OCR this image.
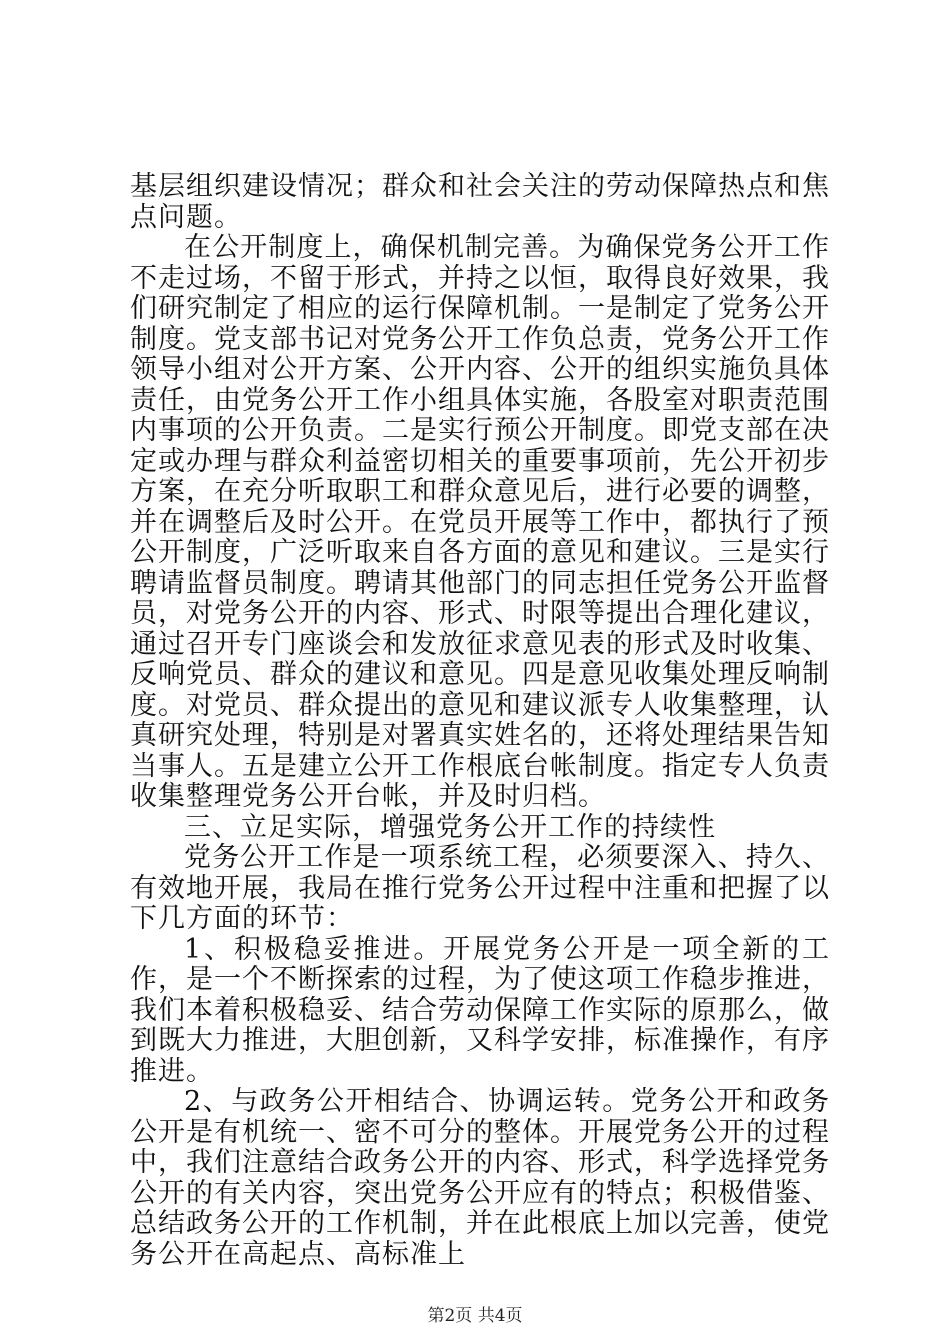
基层组织建设情况；群众和社会关注的劳动保障热点和焦点问题。

在公开制度上，确保机制完善。为确保党务公开工作不走过场，不留于形式，并持之以恒，取得良好效果，我们研究制定了相应的运行保障机制。一是制定了党务公开制度。党支部书记对党务公开工作负总责，党务公开工作领导小组对公开方案、公开内容、公开的组织实施负具体责任，由党务公开工作小组具体实施，各股室对职责范围内事项的公开负责。二是实行预公开制度。即党支部在决定或办理与群众利益密切相关的重要事项前，先公开初步方案，在充分听取职工和群众意见后，进行必要的调整，并在调整后及时公开。在党员开展等工作中，都执行了预公开制度，广泛听取来自各方面的意见和建议。三是实行聘请监督员制度。聘请其他部门的同志担任党务公开监督员，对党务公开的内容、形式、时限等提出合理化建议，通过召开专门座谈会和发放征求意见表的形式及时收集、反响党员、群众的建议和意见。四是意见收集处理反响制度。对党员、群众提出的意见和建议派专人收集整理，认真研究处理，特别是对署真实姓名的，还将处理结果告知当事人。五是建立公开工作根底台帐制度。指定专人负责收集整理党务公开台帐，并及时归档。

三、立足实际，增强党务公开工作的持续性

党务公开工作是一项系统工程，必须要深入、持久、有效地开展，我局在推行党务公开过程中注重和把握了以下几方面的环节：

1、积极稳妥推进。开展党务公开是一项全新的工作，是一个不断探索的过程，为了使这项工作稳步推进，我们本着积极稳妥、结合劳动保障工作实际的原那么，做到既大力推进，大胆创新，又科学安排，标准操作，有序推进。

2、与政务公开相结合、协调运转。党务公开和政务公开是有机统一、密不可分的整体。开展党务公开的过程中，我们注意结合政务公开的内容、形式，科学选择党务公开的有关内容，突出党务公开应有的特点；积极借鉴、总结政务公开的工作机制，并在此根底上加以完善，使党务公开在高起点、高标准上

第2页 共4页
